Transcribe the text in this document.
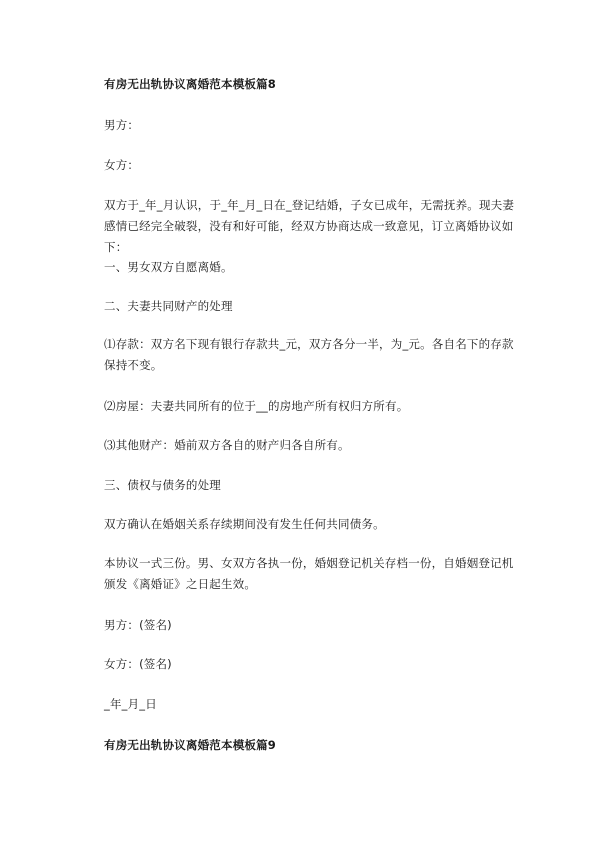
有房无出轨协议离婚范本模板篇8
男方：
女方：
双方于_年_月认识，于_年_月_日在_登记结婚，子女已成年，无需抚养。现夫妻感情已经完全破裂，没有和好可能，经双方协商达成一致意见，订立离婚协议如下：
一、男女双方自愿离婚。
二、夫妻共同财产的处理
⑴存款：双方名下现有银行存款共_元，双方各分一半，为_元。各自名下的存款保持不变。
⑵房屋：夫妻共同所有的位于__的房地产所有权归方所有。
⑶其他财产：婚前双方各自的财产归各自所有。
三、债权与债务的处理
双方确认在婚姻关系存续期间没有发生任何共同债务。
本协议一式三份。男、女双方各执一份，婚姻登记机关存档一份，自婚姻登记机颁发《离婚证》之日起生效。
男方：(签名)
女方：(签名)
_年_月_日
有房无出轨协议离婚范本模板篇9
